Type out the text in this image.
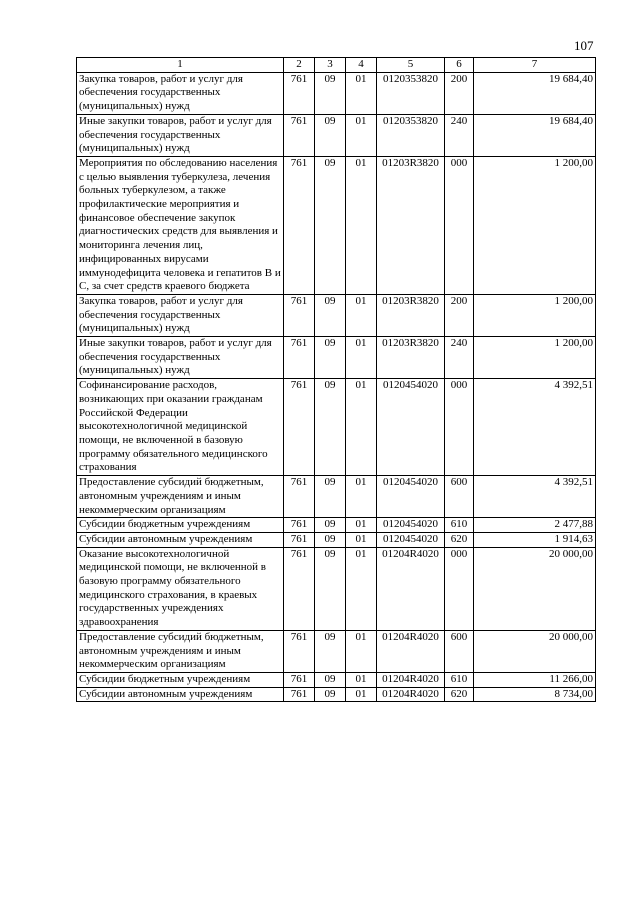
107
1	2	3	4	5	6	7
Закупка товаров, работ и услуг для обеспечения государственных (муниципальных) нужд	761	09	01	0120353820	200	19 684,40
Иные закупки товаров, работ и услуг для обеспечения государственных (муниципальных) нужд	761	09	01	0120353820	240	19 684,40
Мероприятия по обследованию населения с целью выявления туберкулеза, лечения больных туберкулезом, а также профилактические мероприятия и финансовое обеспечение закупок диагностических средств для выявления и мониторинга лечения лиц, инфицированных вирусами иммунодефицита человека и гепатитов В и С, за счет средств краевого бюджета	761	09	01	01203R3820	000	1 200,00
Закупка товаров, работ и услуг для обеспечения государственных (муниципальных) нужд	761	09	01	01203R3820	200	1 200,00
Иные закупки товаров, работ и услуг для обеспечения государственных (муниципальных) нужд	761	09	01	01203R3820	240	1 200,00
Софинансирование расходов, возникающих при оказании гражданам Российской Федерации высокотехнологичной медицинской помощи, не включенной в базовую программу обязательного медицинского страхования	761	09	01	0120454020	000	4 392,51
Предоставление субсидий бюджетным, автономным учреждениям и иным некоммерческим организациям	761	09	01	0120454020	600	4 392,51
Субсидии бюджетным учреждениям	761	09	01	0120454020	610	2 477,88
Субсидии автономным учреждениям	761	09	01	0120454020	620	1 914,63
Оказание высокотехнологичной медицинской помощи, не включенной в базовую программу обязательного медицинского страхования, в краевых государственных учреждениях здравоохранения	761	09	01	01204R4020	000	20 000,00
Предоставление субсидий бюджетным, автономным учреждениям и иным некоммерческим организациям	761	09	01	01204R4020	600	20 000,00
Субсидии бюджетным учреждениям	761	09	01	01204R4020	610	11 266,00
Субсидии автономным учреждениям	761	09	01	01204R4020	620	8 734,00
